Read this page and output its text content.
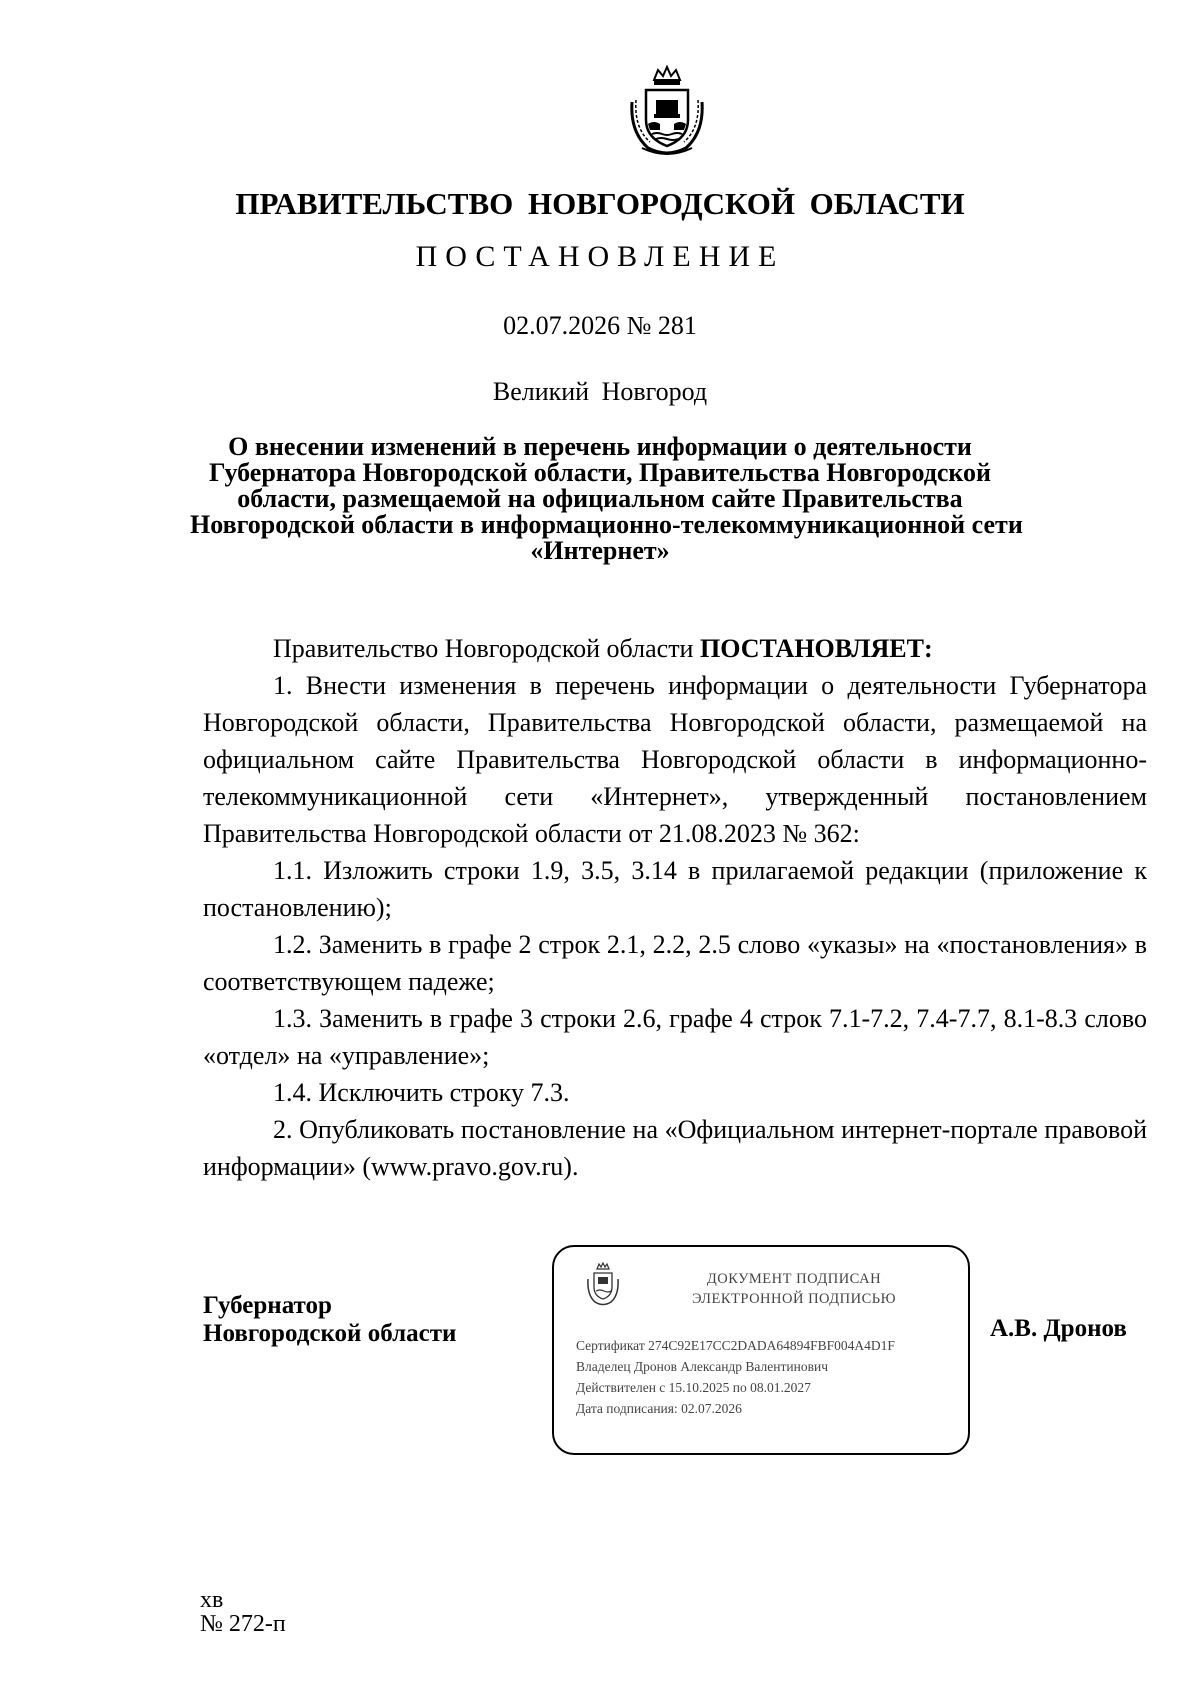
ПРАВИТЕЛЬСТВО НОВГОРОДСКОЙ ОБЛАСТИ
ПОСТАНОВЛЕНИЕ
02.07.2026 № 281
Великий Новгород
О внесении изменений в перечень информации о деятельности
Губернатора Новгородской области, Правительства Новгородской
области, размещаемой на официальном сайте Правительства
Новгородской области в информационно-телекоммуникационной сети
«Интернет»

Правительство Новгородской области ПОСТАНОВЛЯЕТ:

1. Внести изменения в перечень информации о деятельности Губернатора Новгородской области, Правительства Новгородской области, размещаемой на официальном сайте Правительства Новгородской области в информационно-телекоммуникационной сети «Интернет», утвержденный постановлением Правительства Новгородской области от 21.08.2023 № 362:

1.1. Изложить строки 1.9, 3.5, 3.14 в прилагаемой редакции (приложение к постановлению);

1.2. Заменить в графе 2 строк 2.1, 2.2, 2.5 слово «указы» на «постановления» в соответствующем падеже;

1.3. Заменить в графе 3 строки 2.6, графе 4 строк 7.1-7.2, 7.4-7.7, 8.1-8.3 слово «отдел» на «управление»;

1.4. Исключить строку 7.3.

2. Опубликовать постановление на «Официальном интернет-портале правовой информации» (www.pravo.gov.ru).

Губернатор
Новгородской области
ДОКУМЕНТ ПОДПИСАН
ЭЛЕКТРОННОЙ ПОДПИСЬЮ
Сертификат 274C92E17CC2DADA64894FBF004A4D1F
Владелец Дронов Александр Валентинович
Действителен с 15.10.2025 по 08.01.2027
Дата подписания: 02.07.2026
А.В. Дронов
хв
№ 272-п
